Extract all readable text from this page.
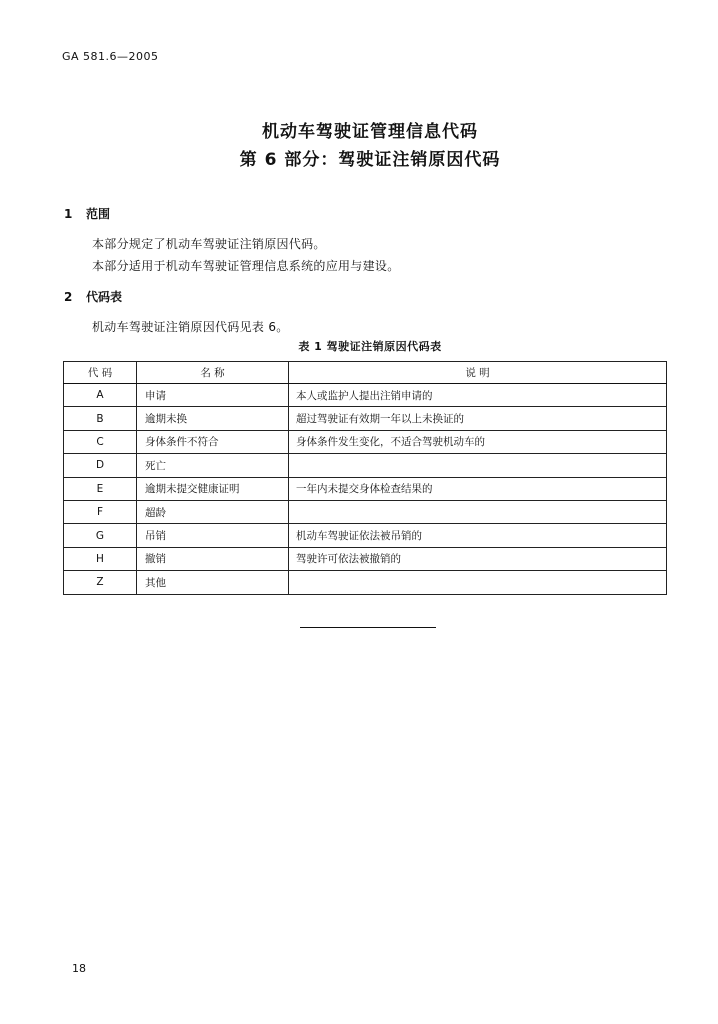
GA 581.6—2005
机动车驾驶证管理信息代码
第 6 部分：驾驶证注销原因代码
1 范围
本部分规定了机动车驾驶证注销原因代码。
本部分适用于机动车驾驶证管理信息系统的应用与建设。
2 代码表
机动车驾驶证注销原因代码见表 6。
表 1 驾驶证注销原因代码表
代 码	名 称	说 明
A	申请	本人或监护人提出注销申请的
B	逾期未换	超过驾驶证有效期一年以上未换证的
C	身体条件不符合	身体条件发生变化，不适合驾驶机动车的
D	死亡	
E	逾期未提交健康证明	一年内未提交身体检查结果的
F	超龄	
G	吊销	机动车驾驶证依法被吊销的
H	撤销	驾驶许可依法被撤销的
Z	其他	
18
